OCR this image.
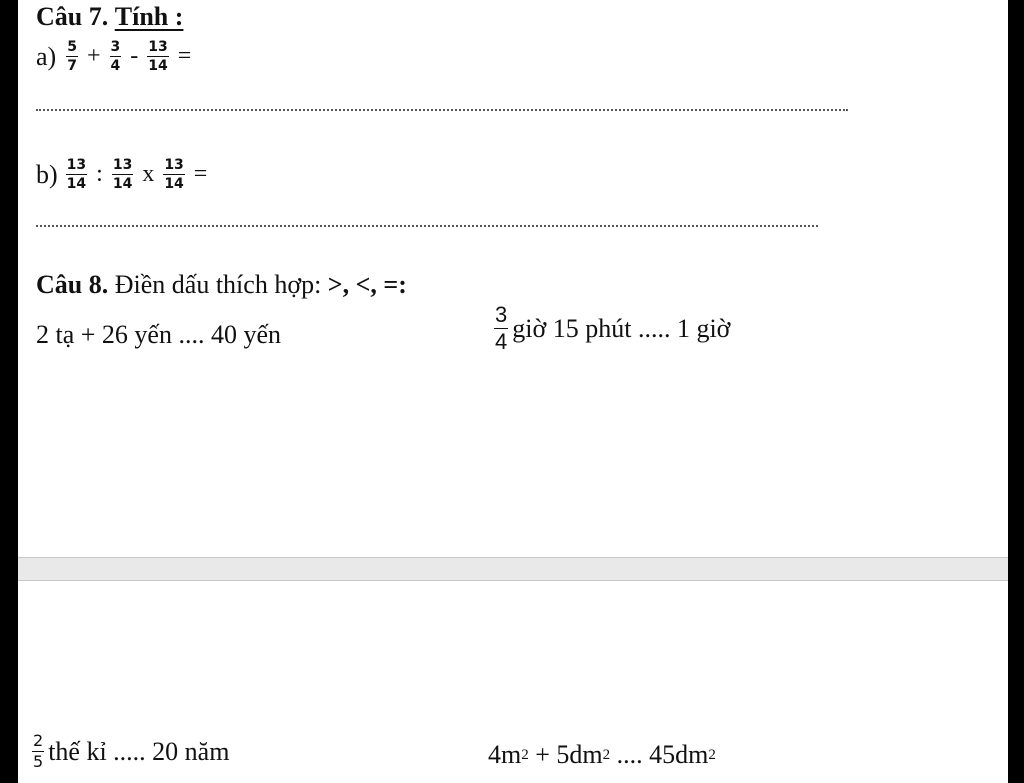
Câu 7.
Tính :
$a) \frac{5}{7} + \frac{3}{4} - \frac{13}{14}$ =
$b) \frac{13}{14}$ : $\frac{13}{14}$ x $\frac{13}{14}$ =
Câu 8.
Điền dấu thích hợp:
>, <, =:
2 tạ + 26 yến .... 40 yến	$\frac{3}{4}$ giờ 15 phút ..... 1 giờ
$\frac{2}{5}$ thế kỉ ..... 20 năm	4m 2 + 5dm 2 .... 45dm 2
